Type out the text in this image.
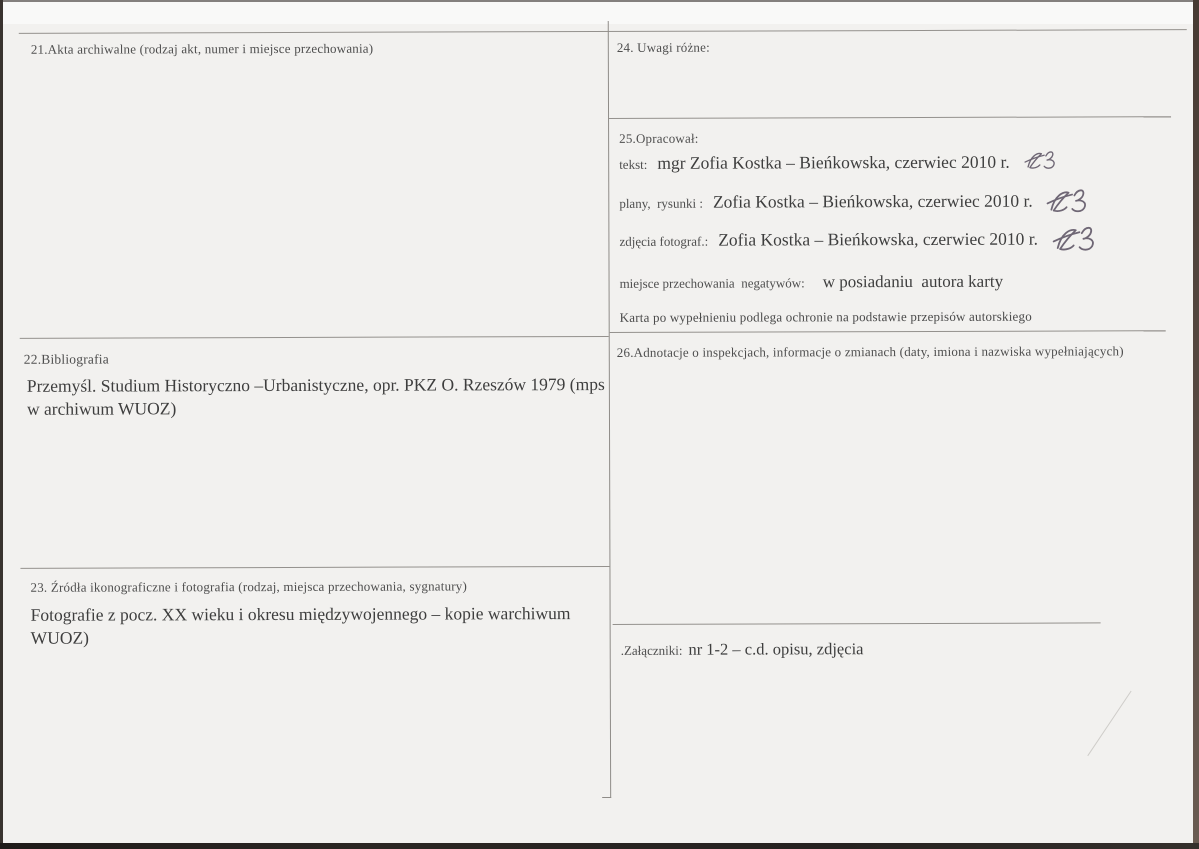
21.Akta archiwalne (rodzaj akt, numer i miejsce przechowania)	24. Uwagi różne:
25.Opracował:
tekst: mgr Zofia Kostka – Bieńkowska, czerwiec 2010 r.
plany,  rysunki : Zofia Kostka – Bieńkowska, czerwiec 2010 r.
zdjęcia fotograf.: Zofia Kostka – Bieńkowska, czerwiec 2010 r.
miejsce przechowania  negatywów: w posiadaniu  autora karty
Karta po wypełnieniu podlega ochronie na podstawie przepisów autorskiego
26.Adnotacje o inspekcjach, informacje o zmianach (daty, imiona i nazwiska wypełniających)
22.Bibliografia
Przemyśl. Studium Historyczno –Urbanistyczne, opr. PKZ O. Rzeszów 1979 (mps w archiwum WUOZ)
23. Źródła ikonograficzne i fotografia (rodzaj, miejsca przechowania, sygnatury)
Fotografie z pocz. XX wieku i okresu międzywojennego – kopie warchiwum WUOZ)
.Załączniki: nr 1-2 – c.d. opisu, zdjęcia
